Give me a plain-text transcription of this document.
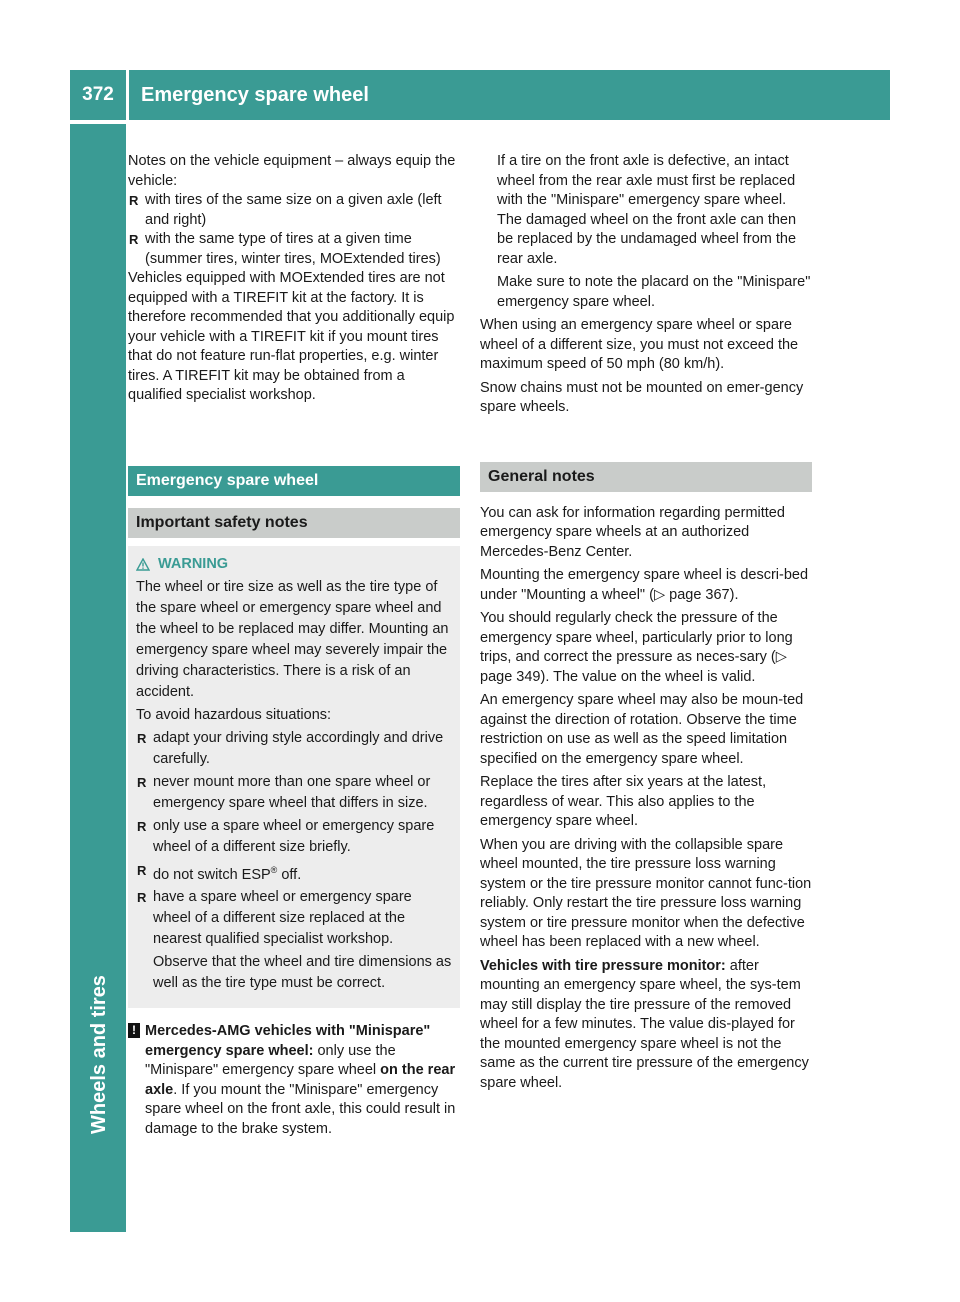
372	Emergency spare wheel
Wheels and tires

Notes on the vehicle equipment – always equip the vehicle:

R with tires of the same size on a given axle (left and right)

R with the same type of tires at a given time (summer tires, winter tires, MOExtended tires)

Vehicles equipped with MOExtended tires are not equipped with a TIREFIT kit at the factory. It is therefore recommended that you additionally equip your vehicle with a TIREFIT kit if you mount tires that do not feature run-flat properties, e.g. winter tires. A TIREFIT kit may be obtained from a qualified specialist workshop.

Emergency spare wheel
Important safety notes
WARNING

The wheel or tire size as well as the tire type of the spare wheel or emergency spare wheel and the wheel to be replaced may differ. Mounting an emergency spare wheel may severely impair the driving characteristics. There is a risk of an accident.

To avoid hazardous situations:

R adapt your driving style accordingly and drive carefully.

R never mount more than one spare wheel or emergency spare wheel that differs in size.

R only use a spare wheel or emergency spare wheel of a different size briefly.

R do not switch ESP® off.

R have a spare wheel or emergency spare wheel of a different size replaced at the nearest qualified specialist workshop.

Observe that the wheel and tire dimensions as well as the tire type must be correct.

! Mercedes-AMG vehicles with "Minispare" emergency spare wheel: only use the "Minispare" emergency spare wheel on the rear axle. If you mount the "Minispare" emergency spare wheel on the front axle, this could result in damage to the brake system.

If a tire on the front axle is defective, an intact wheel from the rear axle must first be replaced with the "Minispare" emergency spare wheel. The damaged wheel on the front axle can then be replaced by the undamaged wheel from the rear axle.

Make sure to note the placard on the "Minispare" emergency spare wheel.

When using an emergency spare wheel or spare wheel of a different size, you must not exceed the maximum speed of 50 mph (80 km/h).

Snow chains must not be mounted on emer-gency spare wheels.

General notes

You can ask for information regarding permitted emergency spare wheels at an authorized Mercedes-Benz Center.

Mounting the emergency spare wheel is descri-bed under "Mounting a wheel" (▷ page 367).

You should regularly check the pressure of the emergency spare wheel, particularly prior to long trips, and correct the pressure as neces-sary (▷ page 349). The value on the wheel is valid.

An emergency spare wheel may also be moun-ted against the direction of rotation. Observe the time restriction on use as well as the speed limitation specified on the emergency spare wheel.

Replace the tires after six years at the latest, regardless of wear. This also applies to the emergency spare wheel.

When you are driving with the collapsible spare wheel mounted, the tire pressure loss warning system or the tire pressure monitor cannot func-tion reliably. Only restart the tire pressure loss warning system or tire pressure monitor when the defective wheel has been replaced with a new wheel.

Vehicles with tire pressure monitor: after mounting an emergency spare wheel, the sys-tem may still display the tire pressure of the removed wheel for a few minutes. The value dis-played for the mounted emergency spare wheel is not the same as the current tire pressure of the emergency spare wheel.
